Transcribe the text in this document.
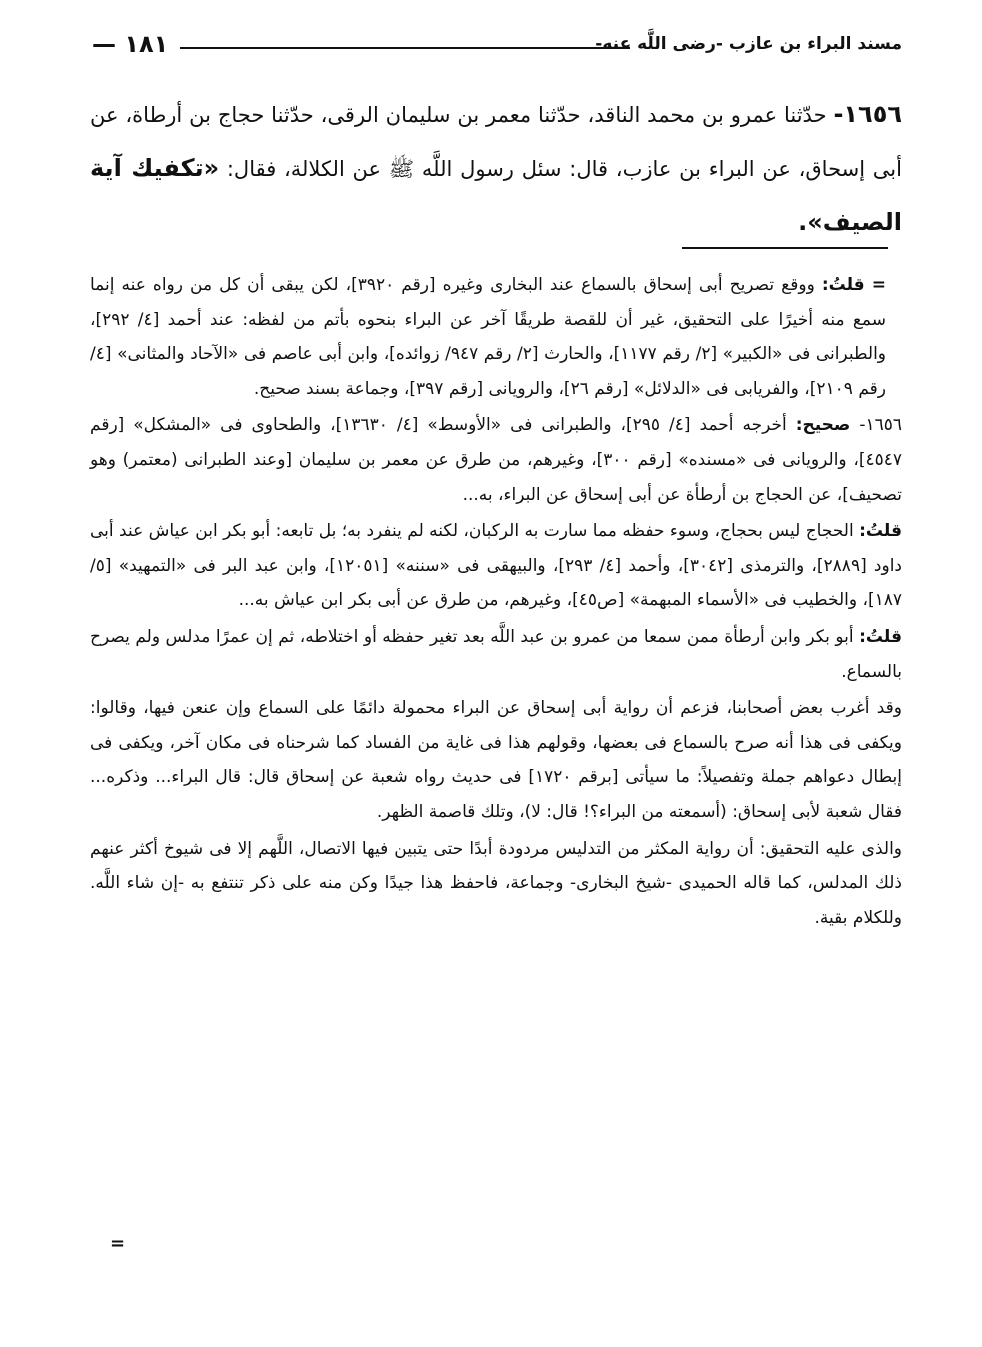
مسند البراء بن عازب -رضى اللَّه عنه-
— ١٨١
١٦٥٦- حدّثنا عمرو بن محمد الناقد، حدّثنا معمر بن سليمان الرقى، حدّثنا حجاج بن أرطاة، عن أبى إسحاق، عن البراء بن عازب، قال: سئل رسول اللَّه ﷺ عن الكلالة، فقال: «تكفيك آية الصيف».

= قلتُ: ووقع تصريح أبى إسحاق بالسماع عند البخارى وغيره [رقم ٣٩٢٠]، لكن يبقى أن كل من رواه عنه إنما سمع منه أخيرًا على التحقيق، غير أن للقصة طريقًا آخر عن البراء بنحوه بأتم من لفظه: عند أحمد [٤/ ٢٩٢]، والطبرانى فى «الكبير» [٢/ رقم ١١٧٧]، والحارث [٢/ رقم ٩٤٧/ زوائده]، وابن أبى عاصم فى «الآحاد والمثانى» [٤/ رقم ٢١٠٩]، والفريابى فى «الدلائل» [رقم ٢٦]، والرويانى [رقم ٣٩٧]، وجماعة بسند صحيح.

١٦٥٦- صحيح: أخرجه أحمد [٤/ ٢٩٥]، والطبرانى فى «الأوسط» [٤/ ١٣٦٣٠]، والطحاوى فى «المشكل» [رقم ٤٥٤٧]، والرويانى فى «مسنده» [رقم ٣٠٠]، وغيرهم، من طرق عن معمر بن سليمان [وعند الطبرانى (معتمر) وهو تصحيف]، عن الحجاج بن أرطأة عن أبى إسحاق عن البراء، به...

قلتُ: الحجاج ليس بحجاج، وسوء حفظه مما سارت به الركبان، لكنه لم ينفرد به؛ بل تابعه: أبو بكر ابن عياش عند أبى داود [٢٨٨٩]، والترمذى [٣٠٤٢]، وأحمد [٤/ ٢٩٣]، والبيهقى فى «سننه» [١٢٠٥١]، وابن عبد البر فى «التمهيد» [٥/ ١٨٧]، والخطيب فى «الأسماء المبهمة» [ص٤٥]، وغيرهم، من طرق عن أبى بكر ابن عياش به...

قلتُ: أبو بكر وابن أرطأة ممن سمعا من عمرو بن عبد اللَّه بعد تغير حفظه أو اختلاطه، ثم إن عمرًا مدلس ولم يصرح بالسماع.

وقد أغرب بعض أصحابنا، فزعم أن رواية أبى إسحاق عن البراء محمولة دائمًا على السماع وإن عنعن فيها، وقالوا: ويكفى فى هذا أنه صرح بالسماع فى بعضها، وقولهم هذا فى غاية من الفساد كما شرحناه فى مكان آخر، ويكفى فى إبطال دعواهم جملة وتفصيلاً: ما سيأتى [برقم ١٧٢٠] فى حديث رواه شعبة عن إسحاق قال: قال البراء... وذكره... فقال شعبة لأبى إسحاق: (أسمعته من البراء؟! قال: لا)، وتلك قاصمة الظهر.

والذى عليه التحقيق: أن رواية المكثر من التدليس مردودة أبدًا حتى يتبين فيها الاتصال، اللَّهم إلا فى شيوخ أكثر عنهم ذلك المدلس، كما قاله الحميدى -شيخ البخارى- وجماعة، فاحفظ هذا جيدًا وكن منه على ذكر تنتفع به -إن شاء اللَّه. وللكلام بقية.

=
